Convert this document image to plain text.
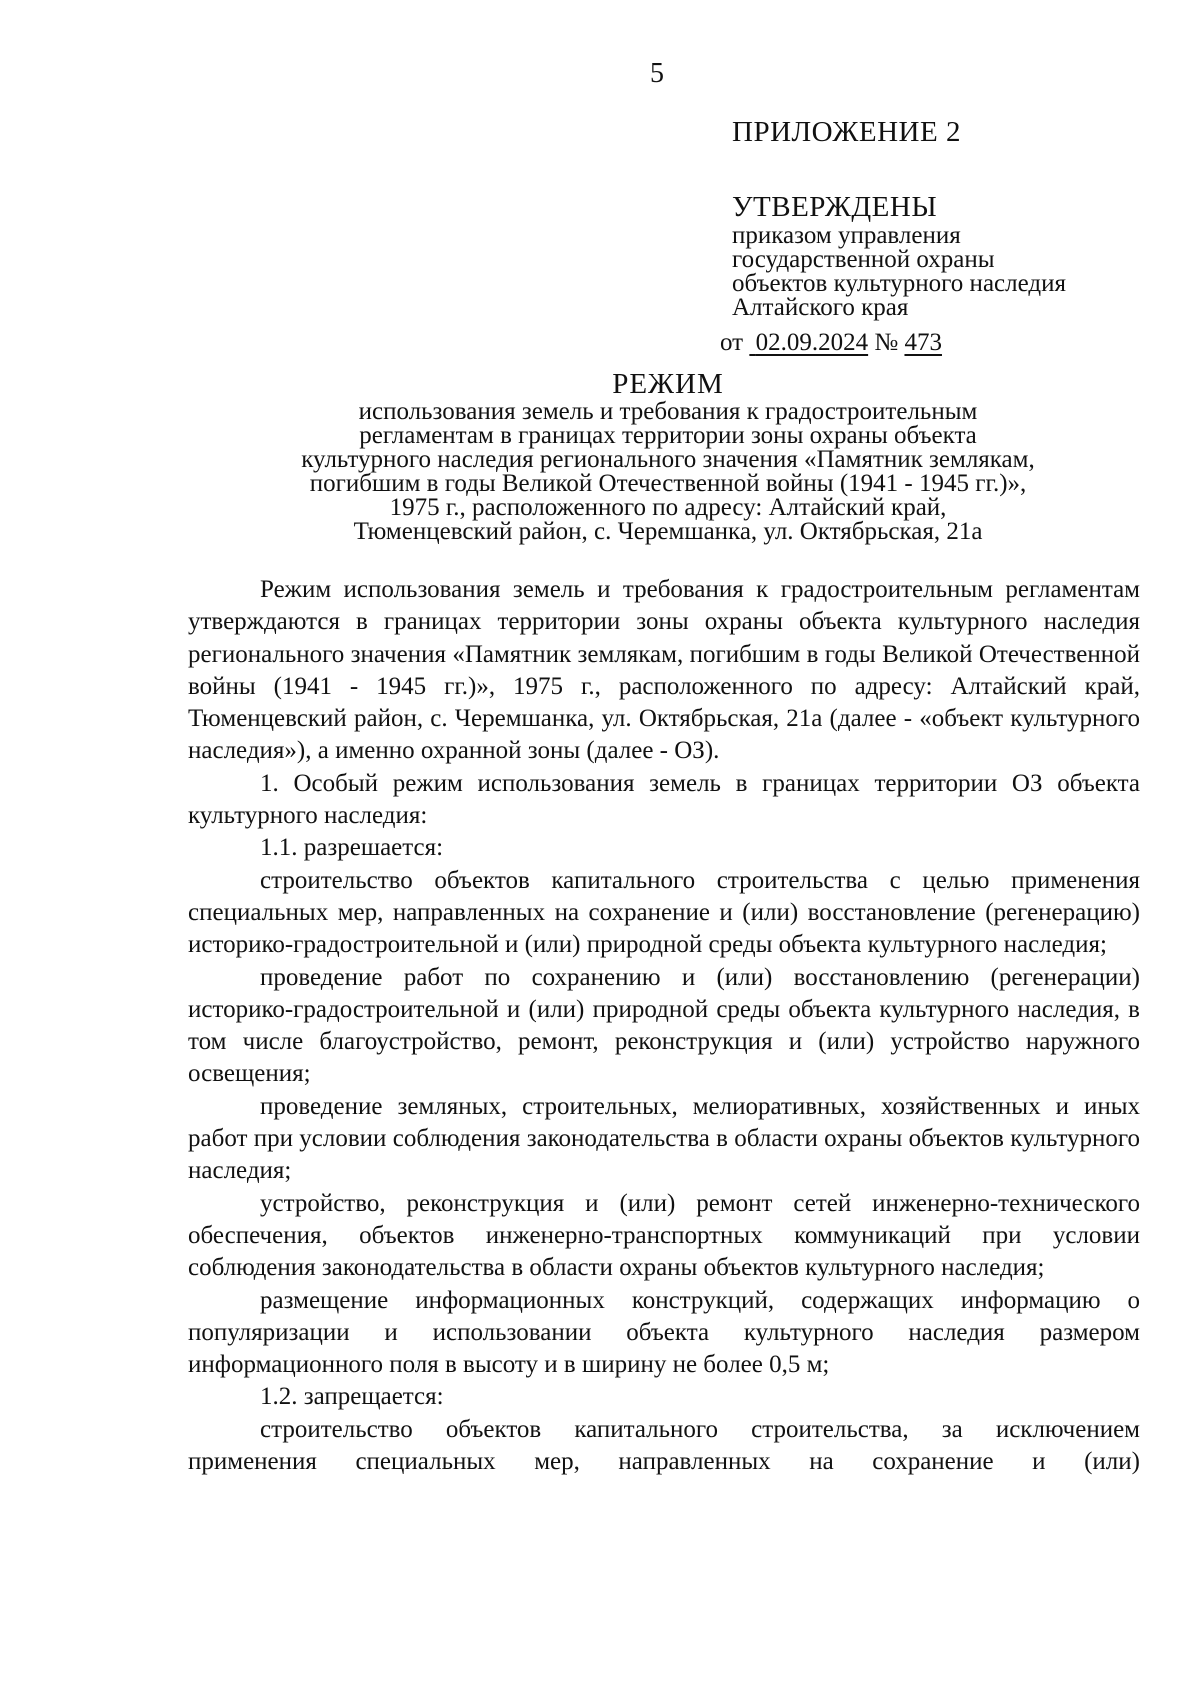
5
ПРИЛОЖЕНИЕ 2
УТВЕРЖДЕНЫ
приказом управления
государственной охраны
объектов культурного наследия
Алтайского края
от 02.09.2024 № 473
РЕЖИМ
использования земель и требования к градостроительным
регламентам в границах территории зоны охраны объекта
культурного наследия регионального значения «Памятник землякам,
погибшим в годы Великой Отечественной войны (1941 - 1945 гг.)»,
1975 г., расположенного по адресу: Алтайский край,
Тюменцевский район, с. Черемшанка, ул. Октябрьская, 21а

Режим использования земель и требования к градостроительным регламентам утверждаются в границах территории зоны охраны объекта культурного наследия регионального значения «Памятник землякам, погибшим в годы Великой Отечественной войны (1941 - 1945 гг.)», 1975 г., расположенного по адресу: Алтайский край, Тюменцевский район, с. Черемшанка, ул. Октябрьская, 21а (далее - «объект культурного наследия»), а именно охранной зоны (далее - ОЗ).

1. Особый режим использования земель в границах территории ОЗ объекта культурного наследия:

1.1. разрешается:

строительство объектов капитального строительства с целью применения специальных мер, направленных на сохранение и (или) восстановление (регенерацию) историко-градостроительной и (или) природной среды объекта культурного наследия;

проведение работ по сохранению и (или) восстановлению (регенерации) историко-градостроительной и (или) природной среды объекта культурного наследия, в том числе благоустройство, ремонт, реконструкция и (или) устройство наружного освещения;

проведение земляных, строительных, мелиоративных, хозяйственных и иных работ при условии соблюдения законодательства в области охраны объектов культурного наследия;

устройство, реконструкция и (или) ремонт сетей инженерно-технического обеспечения, объектов инженерно-транспортных коммуникаций при условии соблюдения законодательства в области охраны объектов культурного наследия;

размещение информационных конструкций, содержащих информацию о популяризации и использовании объекта культурного наследия размером информационного поля в высоту и в ширину не более 0,5 м;

1.2. запрещается:

строительство объектов капитального строительства, за исключением применения специальных мер, направленных на сохранение и (или)
